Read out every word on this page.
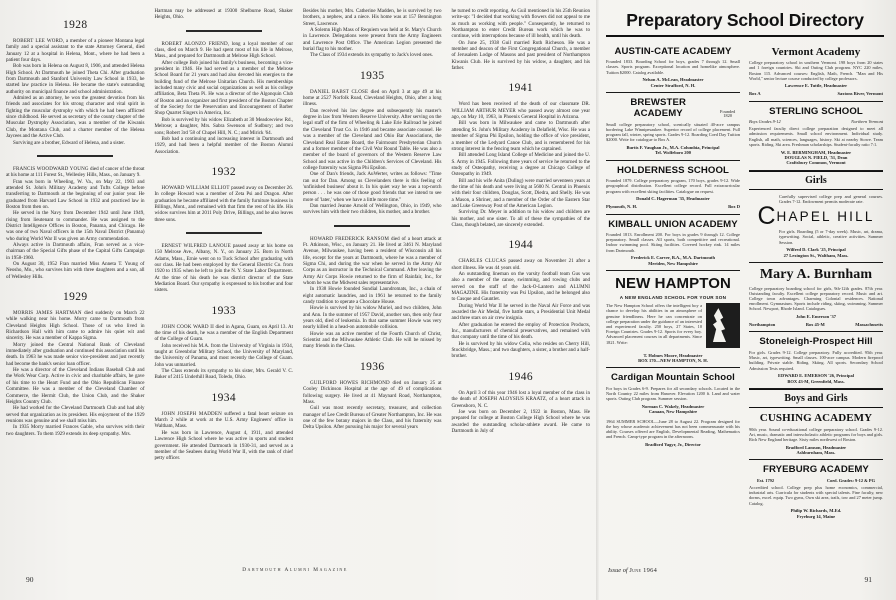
1928

ROBERT LEE WORD, a member of a pioneer Montana legal family and a special assistant to the state Attorney General, died January 12 at a hospital in Helena, Mont., where he had been a patient four days.

Bob was born in Helena on August 8, 1906, and attended Helena High School. At Dartmouth he joined Theta Chi. After graduation from Dartmouth and Stanford University Law School in 1933, he started law practice in Helena. He became the state's outstanding authority on municipal finance and school administration.

Admired as an attorney, he won the greatest devotion from his friends and associates for his strong character and vital spirit in fighting the muscular dystrophy with which he had been afflicted since childhood. He served as secretary of the county chapter of the Muscular Dystrophy Association, was a member of the Kiwanis Club, the Montana Club, and a charter member of the Helena Jaycees and the Active Club.

Surviving are a brother, Edward of Helena, and a sister.

FRANCIS WOODWARD YOUNG died of cancer of the throat at his home at 111 Forest St., Wellesley Hills, Mass., on January 9.

Fran was born in Wheeling, W. Va., on May 22, 1903 and attended St. John's Military Academy and Tufts College before transferring to Dartmouth at the beginning of our junior year. He graduated from Harvard Law School in 1932 and practiced law in Boston from then on.

He served in the Navy from December 1942 until June 1949, rising from lieutenant to commander. He was assigned to the District Intelligence Offices in Boston, Panama, and Chicago. He was one of two Naval officers in the 15th Naval District (Panama) who during World War II was given an Army commendation.

Always active in Dartmouth affairs, Fran served as a vice-chairman of the Special Gifts phase of the Capital Gifts Campaign in 1958-1960.

On August 30, 1952 Fran married Miss Anneta T. Young of Neosho, Mo., who survives him with three daughters and a son, all of Wellesley Hills.

1929

MORRIS JAMES HARTMAN died suddenly on March 22 while walking near his home. Morry came to Dartmouth from Cleveland Heights High School. Those of us who lived in Richardson Hall with him came to admire his quiet wit and sincerity. He was a member of Kappa Sigma.

Morry joined the Central National Bank of Cleveland immediately after graduation and continued this association until his death. In 1963 he was made senior vice-president and just recently had become the bank's senior loan officer.

He was a director of the Cleveland Indians Baseball Club and the Work Wear Corp. Active in civic and charitable affairs, he gave of his time to the Heart Fund and the Ohio Republican Finance Committee. He was a member of the Cleveland Chamber of Commerce, the Hermit Club, the Union Club, and the Shaker Heights Country Club.

He had worked for the Cleveland Dartmouth Club and had ably served that organization as its president. His enjoyment of the 1929 reunions was genuine and we shall miss him.

In 1935 Morry married Frances Gable, who survives with their two daughters. To them 1929 extends its deep sympathy. Mrs.

Hartman may be addressed at 19300 Shelburne Road, Shaker Heights, Ohio.

ROBERT ALONZO FRIEND, long a loyal member of our class, died on March 9. He had spent most of his life in Melrose, Mass., and prepared for Dartmouth at Melrose High School.

After college Bob joined his family's business, becoming a vice-president in 1946. He had served as a member of the Melrose School Board for 21 years and had also devoted his energies to the building fund of the Melrose Unitarian Church. His memberships included many civic and social organizations as well as his college affiliation, Beta Theta Pi. He was a director of the Algonquin Club of Boston and an organizer and first president of the Boston Chapter of the Society for the Preservation and Encouragement of Barber Shop Quartet Singers in America, Inc.

Bob is survived by his widow Elizabeth at 30 Meadowview Rd., Melrose; a daughter, Mrs. Sabra Swenson of Sudbury; and two sons; Robert 3rd '58 of Chapel Hill, N. C.; and Mirick '64.

Bob had a continuing and increasing interest in Dartmouth and 1929, and had been a helpful member of the Boston Alumni Association.

1932

HOWARD WILLIAM ELLIOT passed away on December 26. In college Howard was a member of Zeta Psi and Dragon. After graduation he became affiliated with the family furniture business in Billings, Mont., and remained with that firm the rest of his life. His widow survives him at 2011 Poly Drive, Billings, and he also leaves three sons.

ERNEST WILFRED LANOUE passed away at his home on 150 Melrose Ave., Albany, N. Y., on January 25. Born in North Adams, Mass., Ernie went on to Tuck School after graduating with our class. He had been employed by the General Electric Co. from 1920 to 1935 when he left to join the N. Y. State Labor Department. At the time of his death he was district director of the State Mediation Board. Our sympathy is expressed to his brother and four sisters.

1933

JOHN COOK WARD II died in Agana, Guam, on April 13. At the time of his death, he was a member of the English Department of the College of Guam.

John received his M.A. from the University of Virginia in 1934, taught at Greenbriar Military School, the University of Maryland, the University of Panama, and most recently the College of Guam. John was unmarried.

The Class extends its sympathy to his sister, Mrs. Gerald V. C. Baker of 2415 Underhill Road, Toledo, Ohio.

1934

JOHN JOSEPH MADDEN suffered a fatal heart seizure on March 2 while at work at the U.S. Army Engineers' office in Waltham, Mass.

He was born in Lawrence, August 4, 1911, and attended Lawrence High School where he was active in sports and student government. He attended Dartmouth in 1930-31, and served as a member of the Seabees during World War II, with the rank of chief petty officer.

Besides his mother, Mrs. Catherine Madden, he is survived by two brothers, a nephew, and a niece. His home was at 157 Bennington Street, Lawrence.

A Solemn High Mass of Requiem was held at St. Mary's Church in Lawrence. Delegations were present from the Army Engineers and Lawrence Post Office. The American Legion presented the burial flag to his mother.

The Class of 1934 extends its sympathy to Jack's loved ones.

1935

DANIEL BABST CLOSE died on April 3 at age 49 at his home at 2527 Norfolk Road, Cleveland Heights, Ohio, after a long illness.

Dan received his law degree and subsequently his master's degree in law from Western Reserve University. After serving on the legal staff of the firm of Wheeling & Lake Erie Railroad he joined the Cleveland Trust Co. in 1946 and became associate counsel. He was a member of the Cleveland and Ohio Bar Associations, the Cleveland Real Estate Board, the Fairmount Presbyterian Church and a former member of the Civil War Round Table. He was also a member of the board of governors of the Western Reserve Law School and was active in the Children's Services of Cleveland. His college fraternity was Sigma Phi Epsilon.

One of Dan's friends, Jack AuWerter, writes as follows: "Time ran out for Dan. Among us Clevelanders there is this feeling of 'unfinished business' about it. In his quiet way he was a top-notch person . . . he was one of those good friends that we intend to see more of 'later,' when we have a little more time."

Dan married Jeanne Arnold of Wellington, Ohio, in 1949, who survives him with their two children, his mother, and a brother.

HOWARD FREDERICK RANSOM died of a heart attack at Ft. Atkinson, Wisc., on January 21. He lived at 3461 N. Maryland Avenue, Milwaukee, having been a resident of Wisconsin all his life, except for the years at Dartmouth, where he was a member of Sigma Chi, and during the war when he served in the Army Air Corps as an instructor in the Technical Command. After leaving the Army Air Corps Howie returned to the firm of Rainfair, Inc., for whom he was the Midwest sales representative.

In 1938 Howie founded Sundial Laundromats, Inc., a chain of eight automatic laundries, and in 1961 he returned to the family candy tradition to operate a Chocolate House.

Howie is survived by his widow Muriel, and two children, John and Ann. In the summer of 1957 David, another son, then only four years old, died of leukemia. In that same summer Howie was very nearly killed in a head-on automobile collision.

Howie was an active member of the Fourth Church of Christ, Scientist and the Milwaukee Athletic Club. He will be missed by many friends in the Class.

1936

GUILFORD HOWES RICHMOND died on January 25 at Cooley Dickinson Hospital at the age of 49 of complications following surgery. He lived at 41 Maynard Road, Northampton, Mass.

Guil was most recently secretary, treasurer, and collection manager of Lee Credit Bureau of Greater Northampton, Inc. He was one of the few botany majors in the Class, and his fraternity was Delta Upsilon. After pursuing his major for several years

he turned to credit reporting. As Guil mentioned in his 25th Reunion write-up: "I decided that working with flowers did not appeal to me as much as working with people." Consequently, he returned to Northampton to enter Credit Bureau work which he was to continue, with interruptions because of ill health, until his death.

On June 25, 1938 Guil married Ruth Richeson. He was a member and deacon of the First Congregational Church, a member of Jerusalem Lodge of Masons and past president of Northampton Kiwanis Club. He is survived by his widow, a daughter, and his father.

1941

Word has been received of the death of our classmate DR. WILLIAM ARTHUR MEYER who passed away almost one year ago, on May 10, 1963, in Phoenix General Hospital in Arizona.

Bill was born in Milwaukee and came to Dartmouth after attending St. John's Military Academy in Delafield, Wisc. He was a member of Sigma Phi Epsilon, holding the office of vice president, a member of the Ledyard Canoe Club, and is remembered for his strong interest in the fencing team which he captained.

Bill attended Long Island College of Medicine and joined the U. S. Army in 1945. Following three years of service he returned to the study of Osteopathy, receiving a degree at Chicago College of Osteopathy in 1949.

Bill and his wife Anita (Duling) were married seventeen years at the time of his death and were living at 5600 N. Central in Phoenix with their four children, Douglas, Scott, Diedra, and Shelly. He was a Mason, a Shriner, and a member of the Order of the Eastern Star and Luke Greenway Post of the American Legion.

Surviving Dr. Meyer in addition to his widow and children are his mother, and one sister. To all of these the sympathies of the Class, though belated, are sincerely extended.

1944

CHARLES CLUCAS passed away on November 21 after a short illness. He was 44 years old.

An outstanding lineman on the varsity football team Gus was also a member of the canoe, swimming, and rowing clubs and served on the staff of the Jack-O-Lantern and ALUMNI MAGAZINE. His fraternity was Psi Upsilon, and he belonged also to Casque and Gauntlet.

During World War II he served in the Naval Air Force and was awarded the Air Medal, five battle stars, a Presidential Unit Medal and three stars on air crew insignia.

After graduation he entered the employ of Protection Products, Inc., manufacturers of chemical preservatives, and remained with that company until the time of his death.

He is survived by his widow Celia, who resides on Cherry Hill, Stockbridge, Mass.; and two daughters, a sister, a brother and a half-brother.

1946

On April 3 of this year 1946 lost a loyal member of the class in the death of JOSEPH ALOYSIUS KRAATZ, of a heart attack in Greensboro, N. C.

Joe was born on December 2, 1922 in Boston, Mass. He prepared for college at Boston College High School where he was awarded the outstanding scholar-athlete award. He came to Dartmouth in July of

90
Dartmouth Alumni Magazine
91
Issue of June 1964
Preparatory School Directory
AUSTIN-CATE ACADEMY

Founded 1833. Boarding School for boys, grades 7 through 12. Small classes. Sports program. Exceptional location and homelike atmosphere. Tuition $2000. Catalog available.

Nelson A. McLean, Headmaster
Center Strafford, N. H.
BREWSTER ACADEMY	Founded 1820

Small college preparatory school, scenically situated 40-acre campus bordering Lake Winnipesaukee. Superior record of college placement. Full program fall, winter, spring sports. Grades 9-12. Boarding Coed Day Tuition $2000. Write for catalogue to Box A.

Burtis F. Vaughan Jr., M.A. Columbia, Principal
Tel. Wolfeboro 200
HOLDERNESS SCHOOL

Founded 1879. College preparatory program, 170 boys, grades 9-12. Wide geographical distribution. Excellent college record. Full extracurricular program with excellent skiing facilities. Catalogue on request.

Donald C. Hagerman '35, Headmaster
Plymouth, N. H.	Box D
KIMBALL UNION ACADEMY

Founded 1813. Enrollment 200. For boys in grades 9 through 12. College preparatory. Small classes. All sports, both competitive and recreational. Indoor swimming pool. Skiing facilities. Covered hockey rink. 14 miles from Dartmouth.

Frederick E. Carver, B.A., M.A. Dartmouth
Meriden, New Hampshire
NEW HAMPTON
A NEW ENGLAND SCHOOL FOR YOUR SON

The New Hampton School offers the intelligent boy a chance to develop his abilities in an atmosphere of genuine friendliness. Here he can concentrate on college preparation under the guidance of an interested and experienced faculty. 250 boys, 27 States, 10 Foreign Countries. Grades 9-12. Sports for every boy. Advanced placement courses in all departments. Since 1821. Write:

T. Holmes Moore, Headmaster
BOX 170—NEW HAMPTON, N. H.
Cardigan Mountain School

For boys in Grades 6-9. Prepares for all secondary schools. Located in the North Country 22 miles from Hanover. Elevation 1200 ft. Land and water sports. Outing Club program. Summer session.

Norman C. Wakely, Headmaster
Canaan, New Hampshire

1964 SUMMER SCHOOL—June 28 to August 22. Program designed for the boy whose academic achievement has not been commensurate with his ability. Courses offered are English, Developmental Reading, Mathematics and French. Camp-type program in the afternoons.

Bradford Yagyr, Jr., Director
Vermont Academy

College preparatory school in southern Vermont. 198 boys from 20 states and 1 foreign countries. Ski and Outing Club program. NYC 220 miles, Boston 115. Advanced courses: English, Math, French. "Man and His World," senior lecture course conducted by college professors.

Lawrence E. Tuttle, Headmaster
Box A	Saxtons River, Vermont
STERLING SCHOOL
Boys Grades 9-12	Northern Vermont

Experienced faculty direct college preparation designed to meet all admission requirements. Small school environment. Individual study. English, all math, sciences, languages, history. Ski at nearby Stowe. Team sports. Riding. Ski area. Freshman scholarships. Student-faculty ratio 7:1.

W. E. BERMINGHAM, Headmaster
DOUGLAS N. FIELD, '51, Dean
Craftsbury Common, Vermont
Girls

Carefully supervised college prep and general courses. Grades 7-12. Endowment permits moderate rate.

C HAPEL HILL

For girls. Boarding (5 or 7-day week). Music, art, drama, typewriting. Social, athletic, creative activities. Summer Session.

Wilfred D. Clark '25, Principal
27 Lexington St., Waltham, Mass.
Mary A. Burnham

College preparatory boarding school for girls, 9th-12th grades. 87th year. Outstanding faculty. Excellent college preparatory record. Music and art. College town advantages. Charming Colonial residences. National enrollment. Gymnasium. Sports include riding, skiing, swimming. Summer School. Newport, Rhode Island. Catalogues.

John E. Emerson '37
Northampton	Box 45-M	Massachusetts
Stoneleigh-Prospect Hill

For girls. Grades 9-12. College preparatory. Fully accredited. 95th year. Music, art, typewriting. Small classes. 100-acre campus. Modern fireproof building. Private stable. Riding. Skiing. All sports. Secondary School Admission Tests required.

EDWARD E. EMERSON '26, Principal
BOX 43-M, Greenfield, Mass.
Boys and Girls
CUSHING ACADEMY

90th year. Sound co-educational college preparatory school. Grades 9-12. Art, music, dramatic and interscholastic athletic programs for boys and girls. Rich New England heritage. Sixty miles northwest of Boston.

Bradford Lamson, Headmaster
Ashburnham, Mass.
FRYEBURG ACADEMY
Est. 1792	Coed. Grades: 9-12 & PG

Accredited school. College prep plus home economics, commercial, industrial arts. Curricula for students with special talents. Fine faculty, new dorms, excel. equip. Two gyms, Own ski area, trails, tow and 27 meter jump. Catalog.

Philip W. Richards, M.Ed.
Fryeburg 14, Maine
